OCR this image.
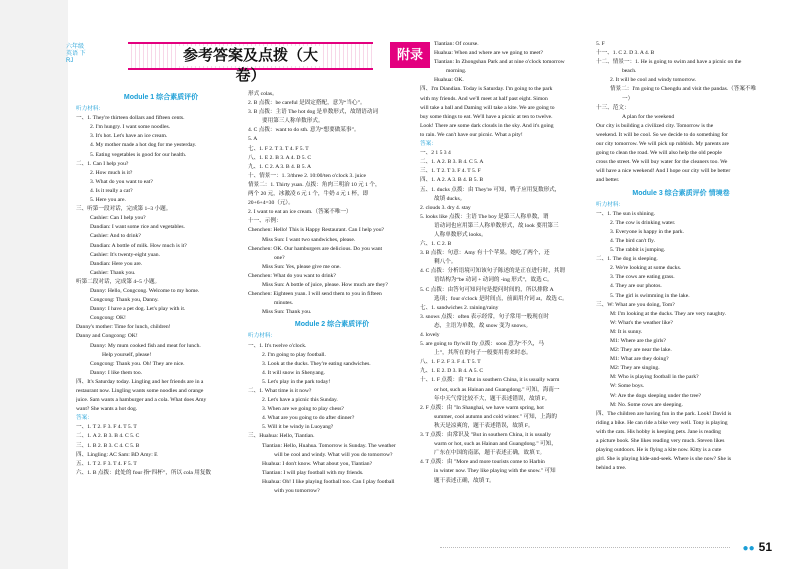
六年级 英语 下 RJ	参考答案及点拨（大卷）
附录
Module 1 综合素质评价
听力材料：
一、1. They're thirteen dollars and fifteen cents.
2. I'm hungry. I want some noodles.
3. It's hot. Let's have an ice cream.
4. My mother made a hot dog for me yesterday.
5. Eating vegetables is good for our health.
二、1. Can I help you?
2. How much is it?
3. What do you want to eat?
4. Is it really a cat?
5. Here you are.
三、听第一段对话，完成第 1~3 小题。
Cashier: Can I help you?
Dandian: I want some rice and vegetables.
Cashier: And to drink?
Dandian: A bottle of milk. How much is it?
Cashier: It's twenty-eight yuan.
Dandian: Here you are.
Cashier: Thank you.
听第二段对话，完成第 4~5 小题。
Danny: Hello, Congcong. Welcome to my home.
Congcong: Thank you, Danny.
Danny: I have a pet dog. Let's play with it.
Congcong: OK!
Danny's mother: Time for lunch, children!
Danny and Congcong: OK!
Danny: My mum cooked fish and meat for lunch.
Help yourself, please!
Congcong: Thank you. Oh! They are nice.
Danny: I like them too.
四、It's Saturday today. Lingling and her friends are in a
restaurant now. Lingling wants some noodles and orange
juice. Sam wants a hamburger and a cola. What does Amy
want? She wants a hot dog.
答案：
一、1. T 2. F 3. F 4. T 5. T
二、1. A 2. B 3. B 4. C 5. C
三、1. B 2. B 3. C 4. C 5. B
四、Lingling: AC Sam: BD Amy: E
五、1. T 2. F 3. T 4. F 5. T
六、1. B 点拨：此处的 four 指“四杯”，所以 cola 用复数
形式 colas。
2. B 点拨：be careful 是固定搭配，意为“当心”。
3. B 点拨：主语 The hot dog 是单数形式，故谓语动词
要用第三人称单数形式。
4. C 点拨：want to do sth. 意为“想要做某事”。
5. A
七、1. F 2. T 3. T 4. F 5. T
八、1. E 2. B 3. A 4. D 5. C
九、1. C 2. A 3. B 4. B 5. A
十、情景一：1. 3/three 2. 10:00/ten o'clock 3. juice
情景二：1. Thirty yuan. 点拨：角肉三明治 10 元 1 个，
两个 20 元，冰激凌 6 元 1 个，牛奶 4 元 1 杯，即
20+6+4=30（元）。
2. I want to eat an ice cream.（答案不唯一）
十一、示例：
Chenchen: Hello! This is Happy Restaurant. Can I help you?
Miss Sun: I want two sandwiches, please.
Chenchen: OK. Our hamburgers are delicious. Do you want
one?
Miss Sun: Yes, please give me one.
Chenchen: What do you want to drink?
Miss Sun: A bottle of juice, please. How much are they?
Chenchen: Eighteen yuan. I will send them to you in fifteen
minutes.
Miss Sun: Thank you.
Module 2 综合素质评价
听力材料：
一、1. It's twelve o'clock.
2. I'm going to play football.
3. Look at the ducks. They're eating sandwiches.
4. It will snow in Shenyang.
5. Let's play in the park today!
二、1. What time is it now?
2. Let's have a picnic this Sunday.
3. When are we going to play chess?
4. What are you going to do after dinner?
5. Will it be windy in Luoyang?
三、Huahua: Hello, Tiantian.
Tiantian: Hello, Huahua. Tomorrow is Sunday. The weather
will be cool and windy. What will you do tomorrow?
Huahua: I don't know. What about you, Tiantian?
Tiantian: I will play football with my friends.
Huahua: Oh! I like playing football too. Can I play football
with you tomorrow?
Tiantian: Of course.
Huahua: When and where are we going to meet?
Tiantian: In Zhongshan Park and at nine o'clock tomorrow
morning.
Huahua: OK.
四、I'm Diandian. Today is Saturday. I'm going to the park
with my friends. And we'll meet at half past eight. Simon
will take a ball and Daming will take a kite. We are going to
buy some things to eat. We'll have a picnic at ten to twelve.
Look! There are some dark clouds in the sky. And it's going
to rain. We can't have our picnic. What a pity!
答案：
一、2 1 5 3 4
二、1. A 2. B 3. B 4. C 5. A
三、1. T 2. T 3. F 4. T 5. F
四、1. A 2. A 3. B 4. B 5. B
五、1. ducks 点拨：由 They're 可知，鸭子应用复数形式，
故填 ducks。
2. clouds 3. dry 4. stay
5. looks like 点拨：主语 The boy 是第三人称单数，谓
语动词也应用第三人称单数形式，故 look 要用第三
人称单数形式 looks。
六、1. C 2. B
3. B 点拨：句意：Amy 有十个苹果。她吃了两个，还
剩八个。
4. C 点拨：分析语境可知该句子陈述的是正在进行时，其谓
语结构为“be 动词 + 动词的 -ing 形式”，故选 C。
5. C 点拨：由答句可知问句是提问时间的，所以排除 A
选项；four o'clock 是时间点，前面用介词 at，故选 C。
七、1. sandwiches 2. raining/rainy
3. snows 点拨：often 表示经常，句子常用一般现在时
态，主语为单数，故 snow 变为 snows。
4. lovely
5. are going to fly/will fly 点拨：soon 意为“不久，马
上”，其所在的句子一般要用将来时态。
八、1. F 2. F 3. F 4. T 5. T
九、1. E 2. D 3. B 4. A 5. C
十、1. F 点拨：由 "But in southern China, it is usually warm
or hot, such as Hainan and Guangdong." 可知，海南一
年中天气常比较不大，题干表述错误，故填 F。
2. F 点拨：由 "In Shanghai, we have warm spring, hot
summer, cool autumn and cold winter." 可知，上海的
秋天是凉爽的，题干表述错误，故填 F。
3. T 点拨：由常识及 "But in southern China, it is usually
warm or hot, such as Hainan and Guangdong." 可知，
广东在中国的南部，题干表述正确，故填 T。
4. T 点拨：由 "More and more tourists come to Harbin
in winter now. They like playing with the snow." 可知
题干表述正确，故填 T。
5. F
十一、1. C 2. D 3. A 4. B
十二、情景一：1. He is going to swim and have a picnic on the
beach.
2. It will be cool and windy tomorrow.
情景二：I'm going to Chengdu and visit the pandas.（答案不唯
一）
十三、范文：
A plan for the weekend
Our city is building a civilized city. Tomorrow is the
weekend. It will be cool. So we decide to do something for
our city tomorrow. We will pick up rubbish. My parents are
going to clean the road. We will also help the old people
cross the street. We will buy water for the cleaners too. We
will have a nice weekend! And I hope our city will be better
and better.
Module 3 综合素质评价 情境卷
听力材料：
一、1. The sun is shining.
2. The cow is drinking water.
3. Everyone is happy in the park.
4. The bird can't fly.
5. The rabbit is jumping.
二、1. The dog is sleeping.
2. We're looking at some ducks.
3. The cows are eating grass.
4. They are our photos.
5. The girl is swimming in the lake.
三、W: What are you doing, Tom?
M: I'm looking at the ducks. They are very naughty.
W: What's the weather like?
M: It is sunny.
M1: Where are the girls?
M2: They are near the lake.
M1: What are they doing?
M2: They are singing.
M: Who is playing football in the park?
W: Some boys.
W: Are the dogs sleeping under the tree?
M: No. Some cows are sleeping.
四、The children are having fun in the park. Look! David is
riding a bike. He can ride a bike very well. Tony is playing
with the cats. His hobby is keeping pets. Jane is reading
a picture book. She likes reading very much. Steven likes
playing outdoors. He is flying a kite now. Kitty is a cute
girl. She is playing hide-and-seek. Where is she now? She is
behind a tree.
●● 51
